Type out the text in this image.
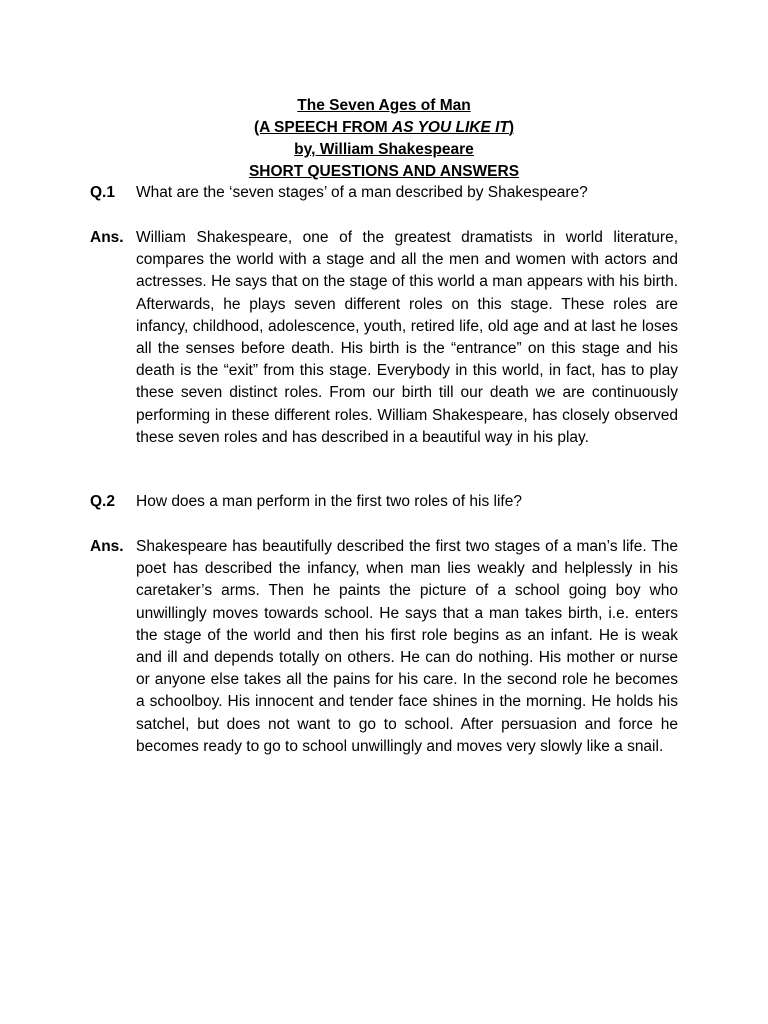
The Seven Ages of Man
(A SPEECH FROM AS YOU LIKE IT)
by, William Shakespeare
SHORT QUESTIONS AND ANSWERS
Q.1	What are the ‘seven stages’ of a man described by Shakespeare?
Ans. William Shakespeare, one of the greatest dramatists in world literature, compares the world with a stage and all the men and women with actors and actresses. He says that on the stage of this world a man appears with his birth. Afterwards, he plays seven different roles on this stage. These roles are infancy, childhood, adolescence, youth, retired life, old age and at last he loses all the senses before death. His birth is the “entrance” on this stage and his death is the “exit” from this stage. Everybody in this world, in fact, has to play these seven distinct roles. From our birth till our death we are continuously performing in these different roles. William Shakespeare, has closely observed these seven roles and has described in a beautiful way in his play.
Q.2	How does a man perform in the first two roles of his life?
Ans. Shakespeare has beautifully described the first two stages of a man’s life. The poet has described the infancy, when man lies weakly and helplessly in his caretaker’s arms. Then he paints the picture of a school going boy who unwillingly moves towards school. He says that a man takes birth, i.e. enters the stage of the world and then his first role begins as an infant. He is weak and ill and depends totally on others. He can do nothing. His mother or nurse or anyone else takes all the pains for his care. In the second role he becomes a schoolboy. His innocent and tender face shines in the morning. He holds his satchel, but does not want to go to school. After persuasion and force he becomes ready to go to school unwillingly and moves very slowly like a snail.
